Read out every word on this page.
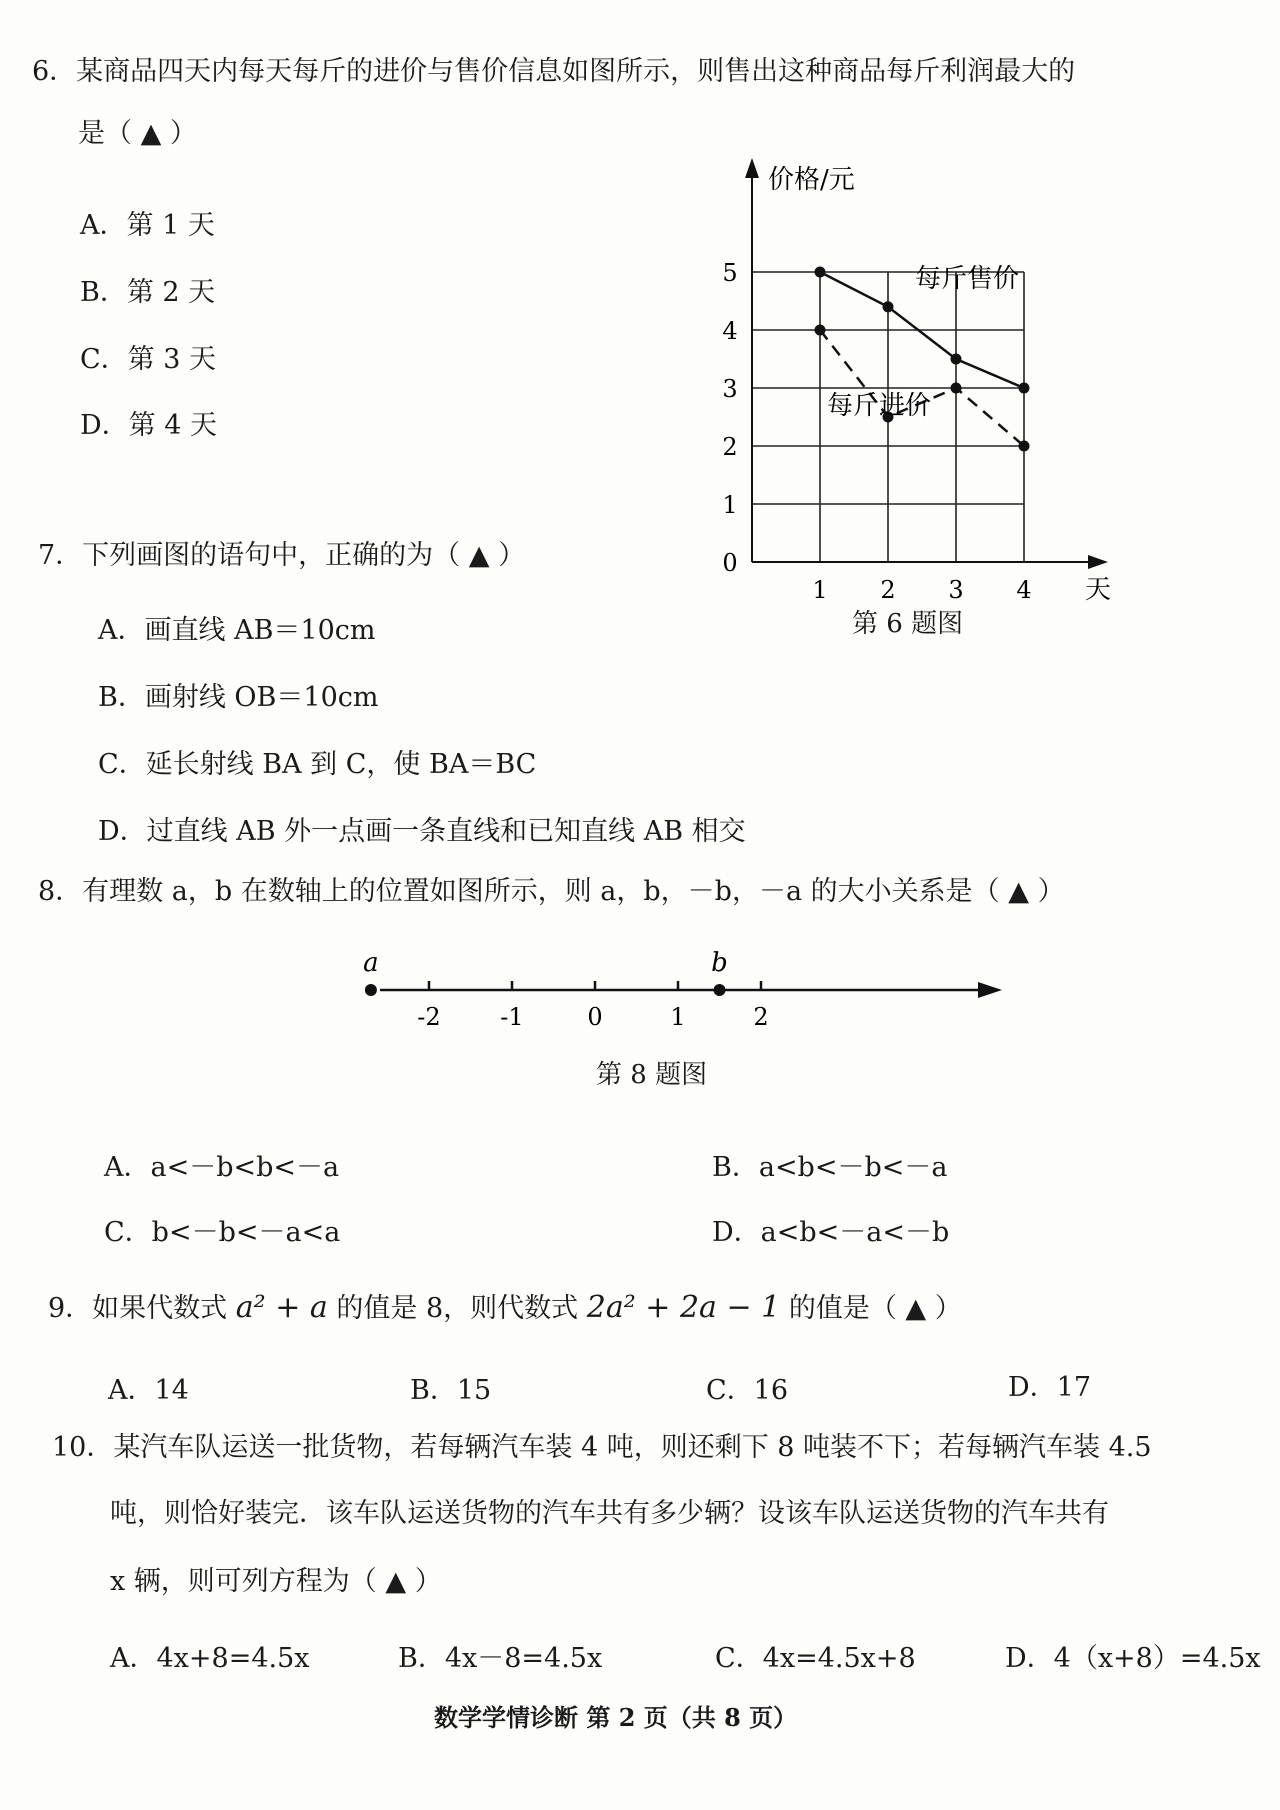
6．某商品四天内每天每斤的进价与售价信息如图所示，则售出这种商品每斤利润最大的
是（ ▲ ）
A．第 1 天
B．第 2 天
C．第 3 天
D．第 4 天
价格/元
天
0
1
2
3
4
5
1 2 3 4
每斤售价
每斤进价
第 6 题图
7．下列画图的语句中，正确的为（ ▲ ）
A．画直线 AB＝10cm
B．画射线 OB＝10cm
C．延长射线 BA 到 C，使 BA＝BC
D．过直线 AB 外一点画一条直线和已知直线 AB 相交
8．有理数 a，b 在数轴上的位置如图所示，则 a，b，－b，－a 的大小关系是（ ▲ ）
-2 -1	0	1	2
a	b
第 8 题图
A．a<－b<b<－a	B．a<b<－b<－a
C．b<－b<－a<a	D．a<b<－a<－b
9．如果代数式 a² + a 的值是 8，则代数式 2a² + 2a − 1 的值是（ ▲ ）
A．14	B．15	C．16	D．17
10．某汽车队运送一批货物，若每辆汽车装 4 吨，则还剩下 8 吨装不下；若每辆汽车装 4.5
吨，则恰好装完．该车队运送货物的汽车共有多少辆？设该车队运送货物的汽车共有
x 辆，则可列方程为（ ▲ ）
A．4x+8=4.5x	B．4x－8=4.5x	C．4x=4.5x+8	D．4（x+8）=4.5x
数学学情诊断 第 2 页（共 8 页）
